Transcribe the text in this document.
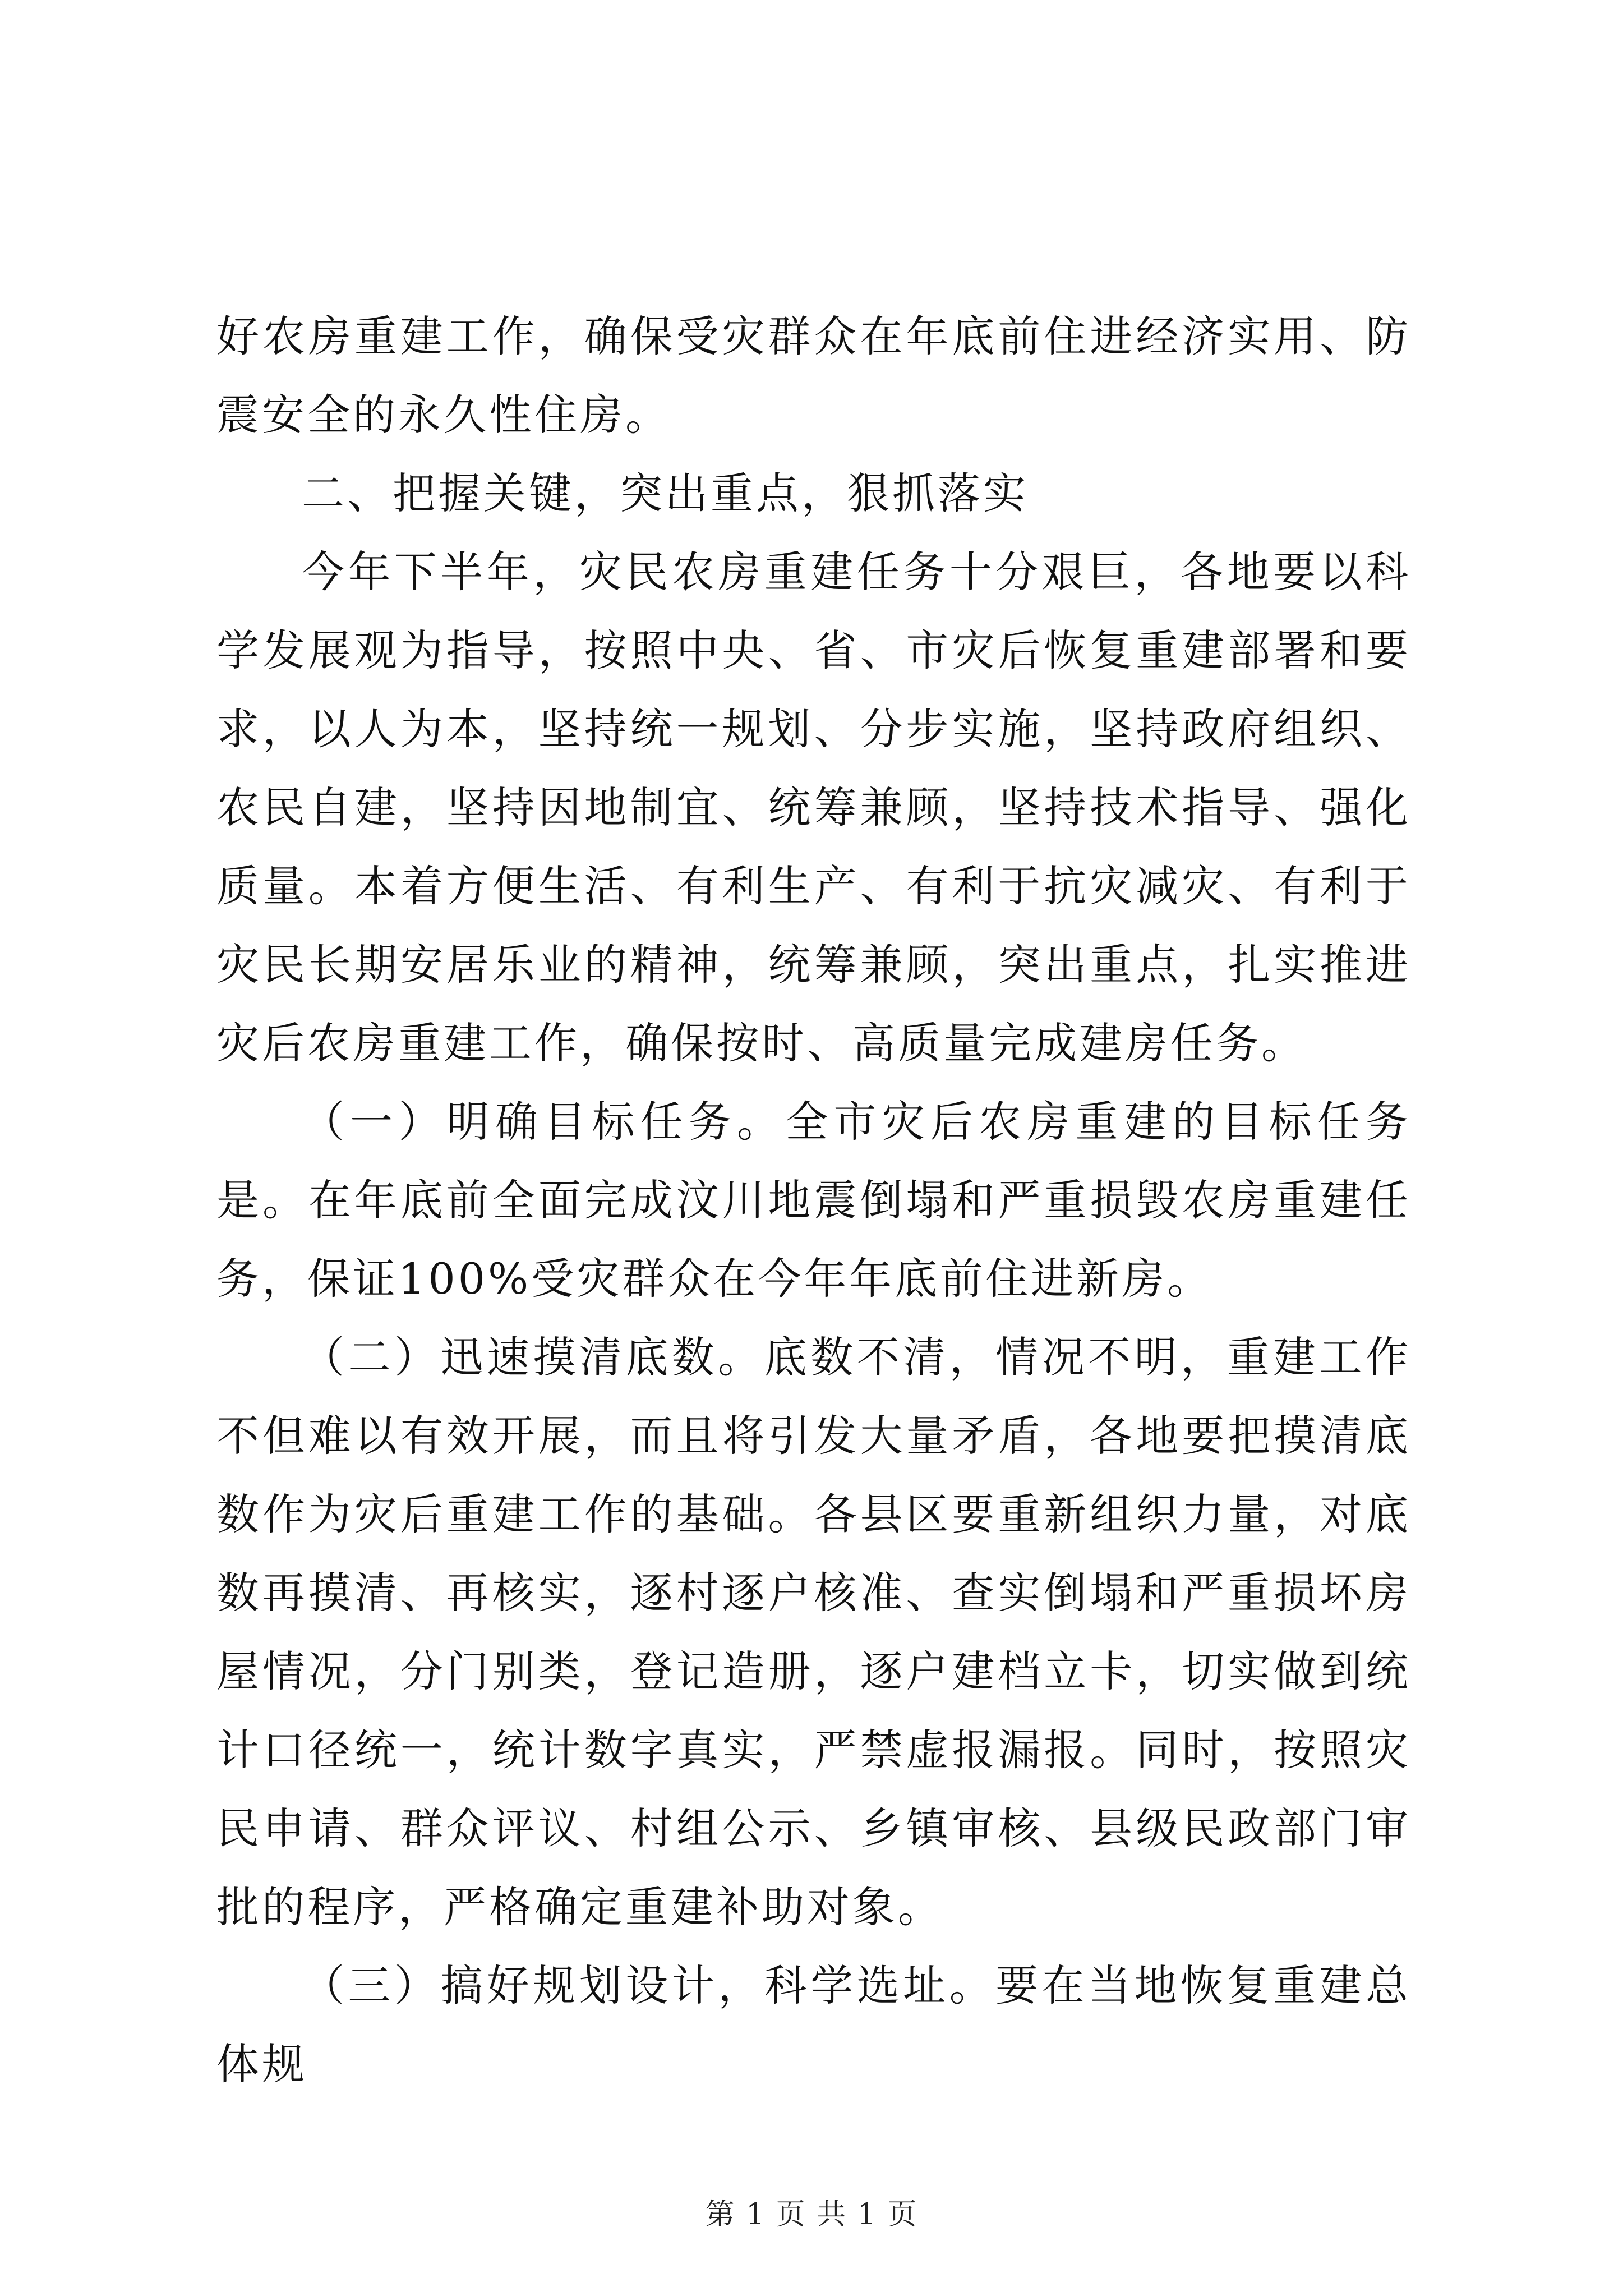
好农房重建工作，确保受灾群众在年底前住进经济实用、防震安全的永久性住房。

二、把握关键，突出重点，狠抓落实

今年下半年，灾民农房重建任务十分艰巨，各地要以科学发展观为指导，按照中央、省、市灾后恢复重建部署和要求，以人为本，坚持统一规划、分步实施，坚持政府组织、农民自建，坚持因地制宜、统筹兼顾，坚持技术指导、强化质量。本着方便生活、有利生产、有利于抗灾减灾、有利于灾民长期安居乐业的精神，统筹兼顾，突出重点，扎实推进灾后农房重建工作，确保按时、高质量完成建房任务。

（一）明确目标任务。全市灾后农房重建的目标任务是。在年底前全面完成汶川地震倒塌和严重损毁农房重建任务，保证100%受灾群众在今年年底前住进新房。

（二）迅速摸清底数。底数不清，情况不明，重建工作不但难以有效开展，而且将引发大量矛盾，各地要把摸清底数作为灾后重建工作的基础。各县区要重新组织力量，对底数再摸清、再核实，逐村逐户核准、查实倒塌和严重损坏房屋情况，分门别类，登记造册，逐户建档立卡，切实做到统计口径统一，统计数字真实，严禁虚报漏报。同时，按照灾民申请、群众评议、村组公示、乡镇审核、县级民政部门审批的程序，严格确定重建补助对象。

（三）搞好规划设计，科学选址。要在当地恢复重建总体规

第 1 页 共 1 页
